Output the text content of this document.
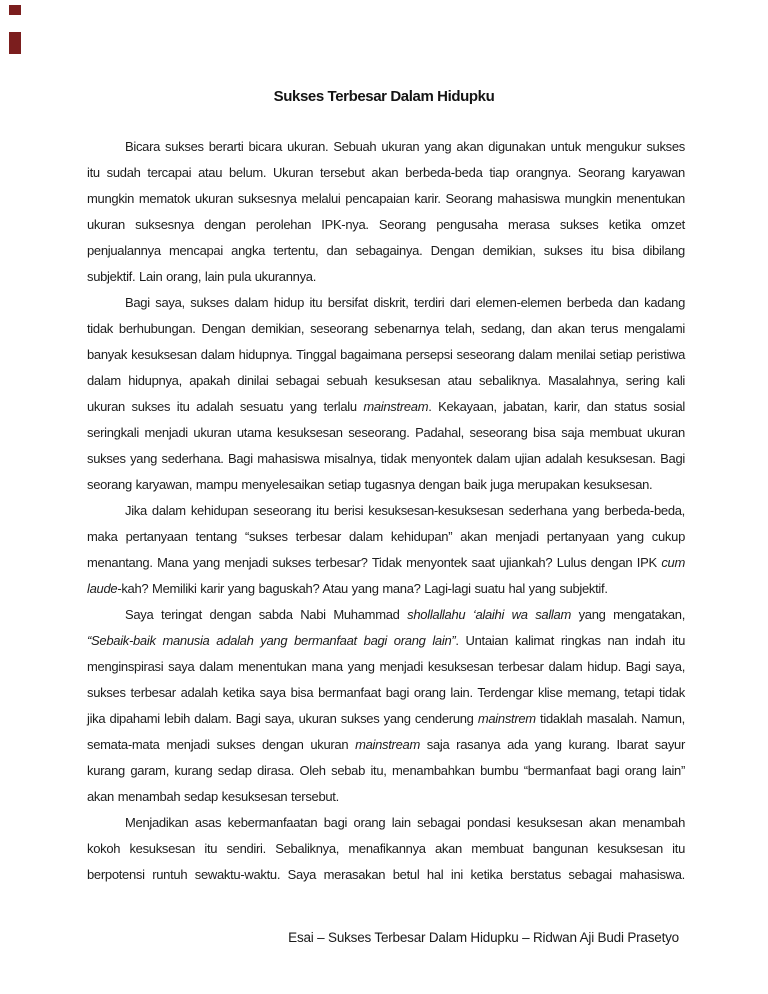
Sukses Terbesar Dalam Hidupku

Bicara sukses berarti bicara ukuran. Sebuah ukuran yang akan digunakan untuk mengukur sukses itu sudah tercapai atau belum. Ukuran tersebut akan berbeda-beda tiap orangnya. Seorang karyawan mungkin mematok ukuran suksesnya melalui pencapaian karir. Seorang mahasiswa mungkin menentukan ukuran suksesnya dengan perolehan IPK-nya. Seorang pengusaha merasa sukses ketika omzet penjualannya mencapai angka tertentu, dan sebagainya. Dengan demikian, sukses itu bisa dibilang subjektif. Lain orang, lain pula ukurannya.

Bagi saya, sukses dalam hidup itu bersifat diskrit, terdiri dari elemen-elemen berbeda dan kadang tidak berhubungan. Dengan demikian, seseorang sebenarnya telah, sedang, dan akan terus mengalami banyak kesuksesan dalam hidupnya. Tinggal bagaimana persepsi seseorang dalam menilai setiap peristiwa dalam hidupnya, apakah dinilai sebagai sebuah kesuksesan atau sebaliknya. Masalahnya, sering kali ukuran sukses itu adalah sesuatu yang terlalu mainstream. Kekayaan, jabatan, karir, dan status sosial seringkali menjadi ukuran utama kesuksesan seseorang. Padahal, seseorang bisa saja membuat ukuran sukses yang sederhana. Bagi mahasiswa misalnya, tidak menyontek dalam ujian adalah kesuksesan. Bagi seorang karyawan, mampu menyelesaikan setiap tugasnya dengan baik juga merupakan kesuksesan.

Jika dalam kehidupan seseorang itu berisi kesuksesan-kesuksesan sederhana yang berbeda-beda, maka pertanyaan tentang “sukses terbesar dalam kehidupan” akan menjadi pertanyaan yang cukup menantang. Mana yang menjadi sukses terbesar? Tidak menyontek saat ujiankah? Lulus dengan IPK cum laude-kah? Memiliki karir yang baguskah? Atau yang mana? Lagi-lagi suatu hal yang subjektif.

Saya teringat dengan sabda Nabi Muhammad shollallahu ‘alaihi wa sallam yang mengatakan, “Sebaik-baik manusia adalah yang bermanfaat bagi orang lain”. Untaian kalimat ringkas nan indah itu menginspirasi saya dalam menentukan mana yang menjadi kesuksesan terbesar dalam hidup. Bagi saya, sukses terbesar adalah ketika saya bisa bermanfaat bagi orang lain. Terdengar klise memang, tetapi tidak jika dipahami lebih dalam. Bagi saya, ukuran sukses yang cenderung mainstrem tidaklah masalah. Namun, semata-mata menjadi sukses dengan ukuran mainstream saja rasanya ada yang kurang. Ibarat sayur kurang garam, kurang sedap dirasa. Oleh sebab itu, menambahkan bumbu “bermanfaat bagi orang lain” akan menambah sedap kesuksesan tersebut.

Menjadikan asas kebermanfaatan bagi orang lain sebagai pondasi kesuksesan akan menambah kokoh kesuksesan itu sendiri. Sebaliknya, menafikannya akan membuat bangunan kesuksesan itu berpotensi runtuh sewaktu-waktu. Saya merasakan betul hal ini ketika berstatus sebagai mahasiswa.

Esai – Sukses Terbesar Dalam Hidupku – Ridwan Aji Budi Prasetyo
